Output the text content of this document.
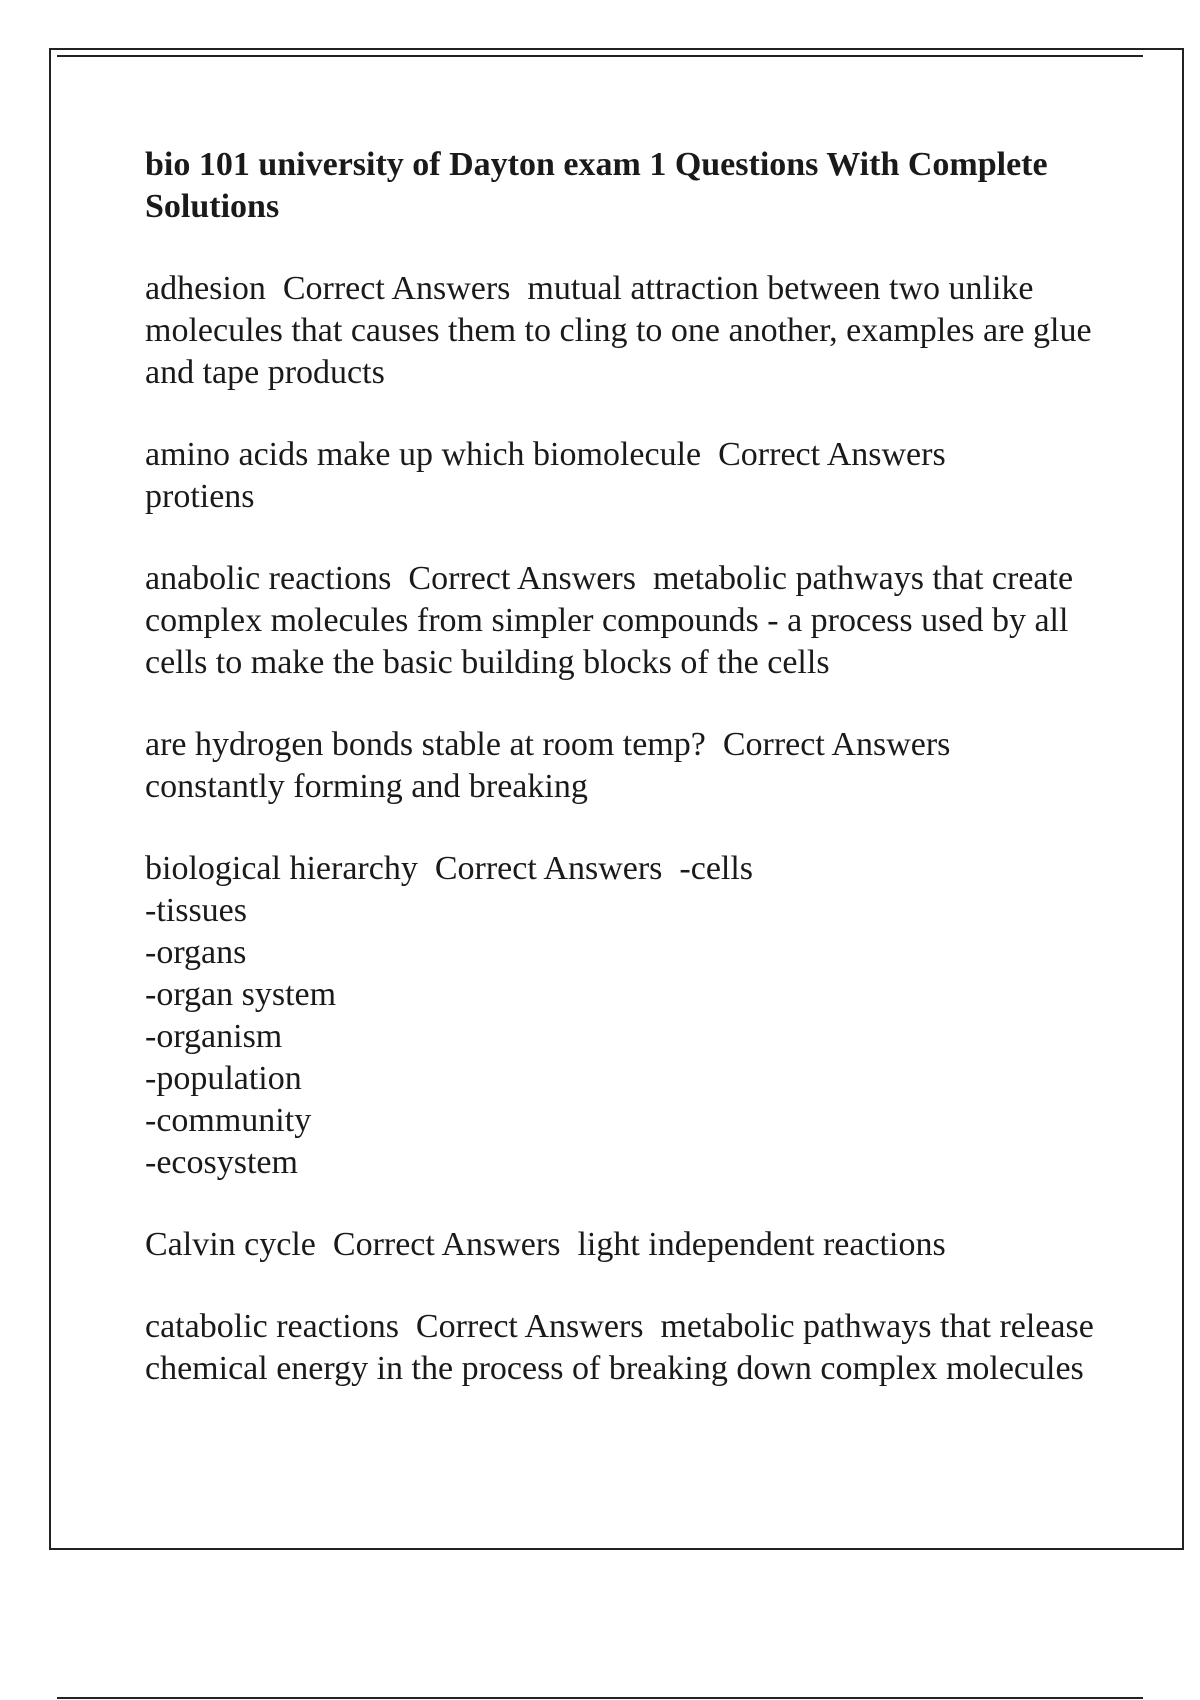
bio 101 university of Dayton exam 1 Questions With Complete Solutions
adhesion Correct Answers mutual attraction between two unlike molecules that causes them to cling to one another, examples are glue and tape products
amino acids make up which biomolecule Correct Answers
protiens
anabolic reactions Correct Answers metabolic pathways that create complex molecules from simpler compounds - a process used by all cells to make the basic building blocks of the cells
are hydrogen bonds stable at room temp? Correct Answers
constantly forming and breaking
biological hierarchy Correct Answers -cells
-tissues
-organs
-organ system
-organism
-population
-community
-ecosystem
Calvin cycle Correct Answers light independent reactions
catabolic reactions Correct Answers metabolic pathways that release chemical energy in the process of breaking down complex molecules
